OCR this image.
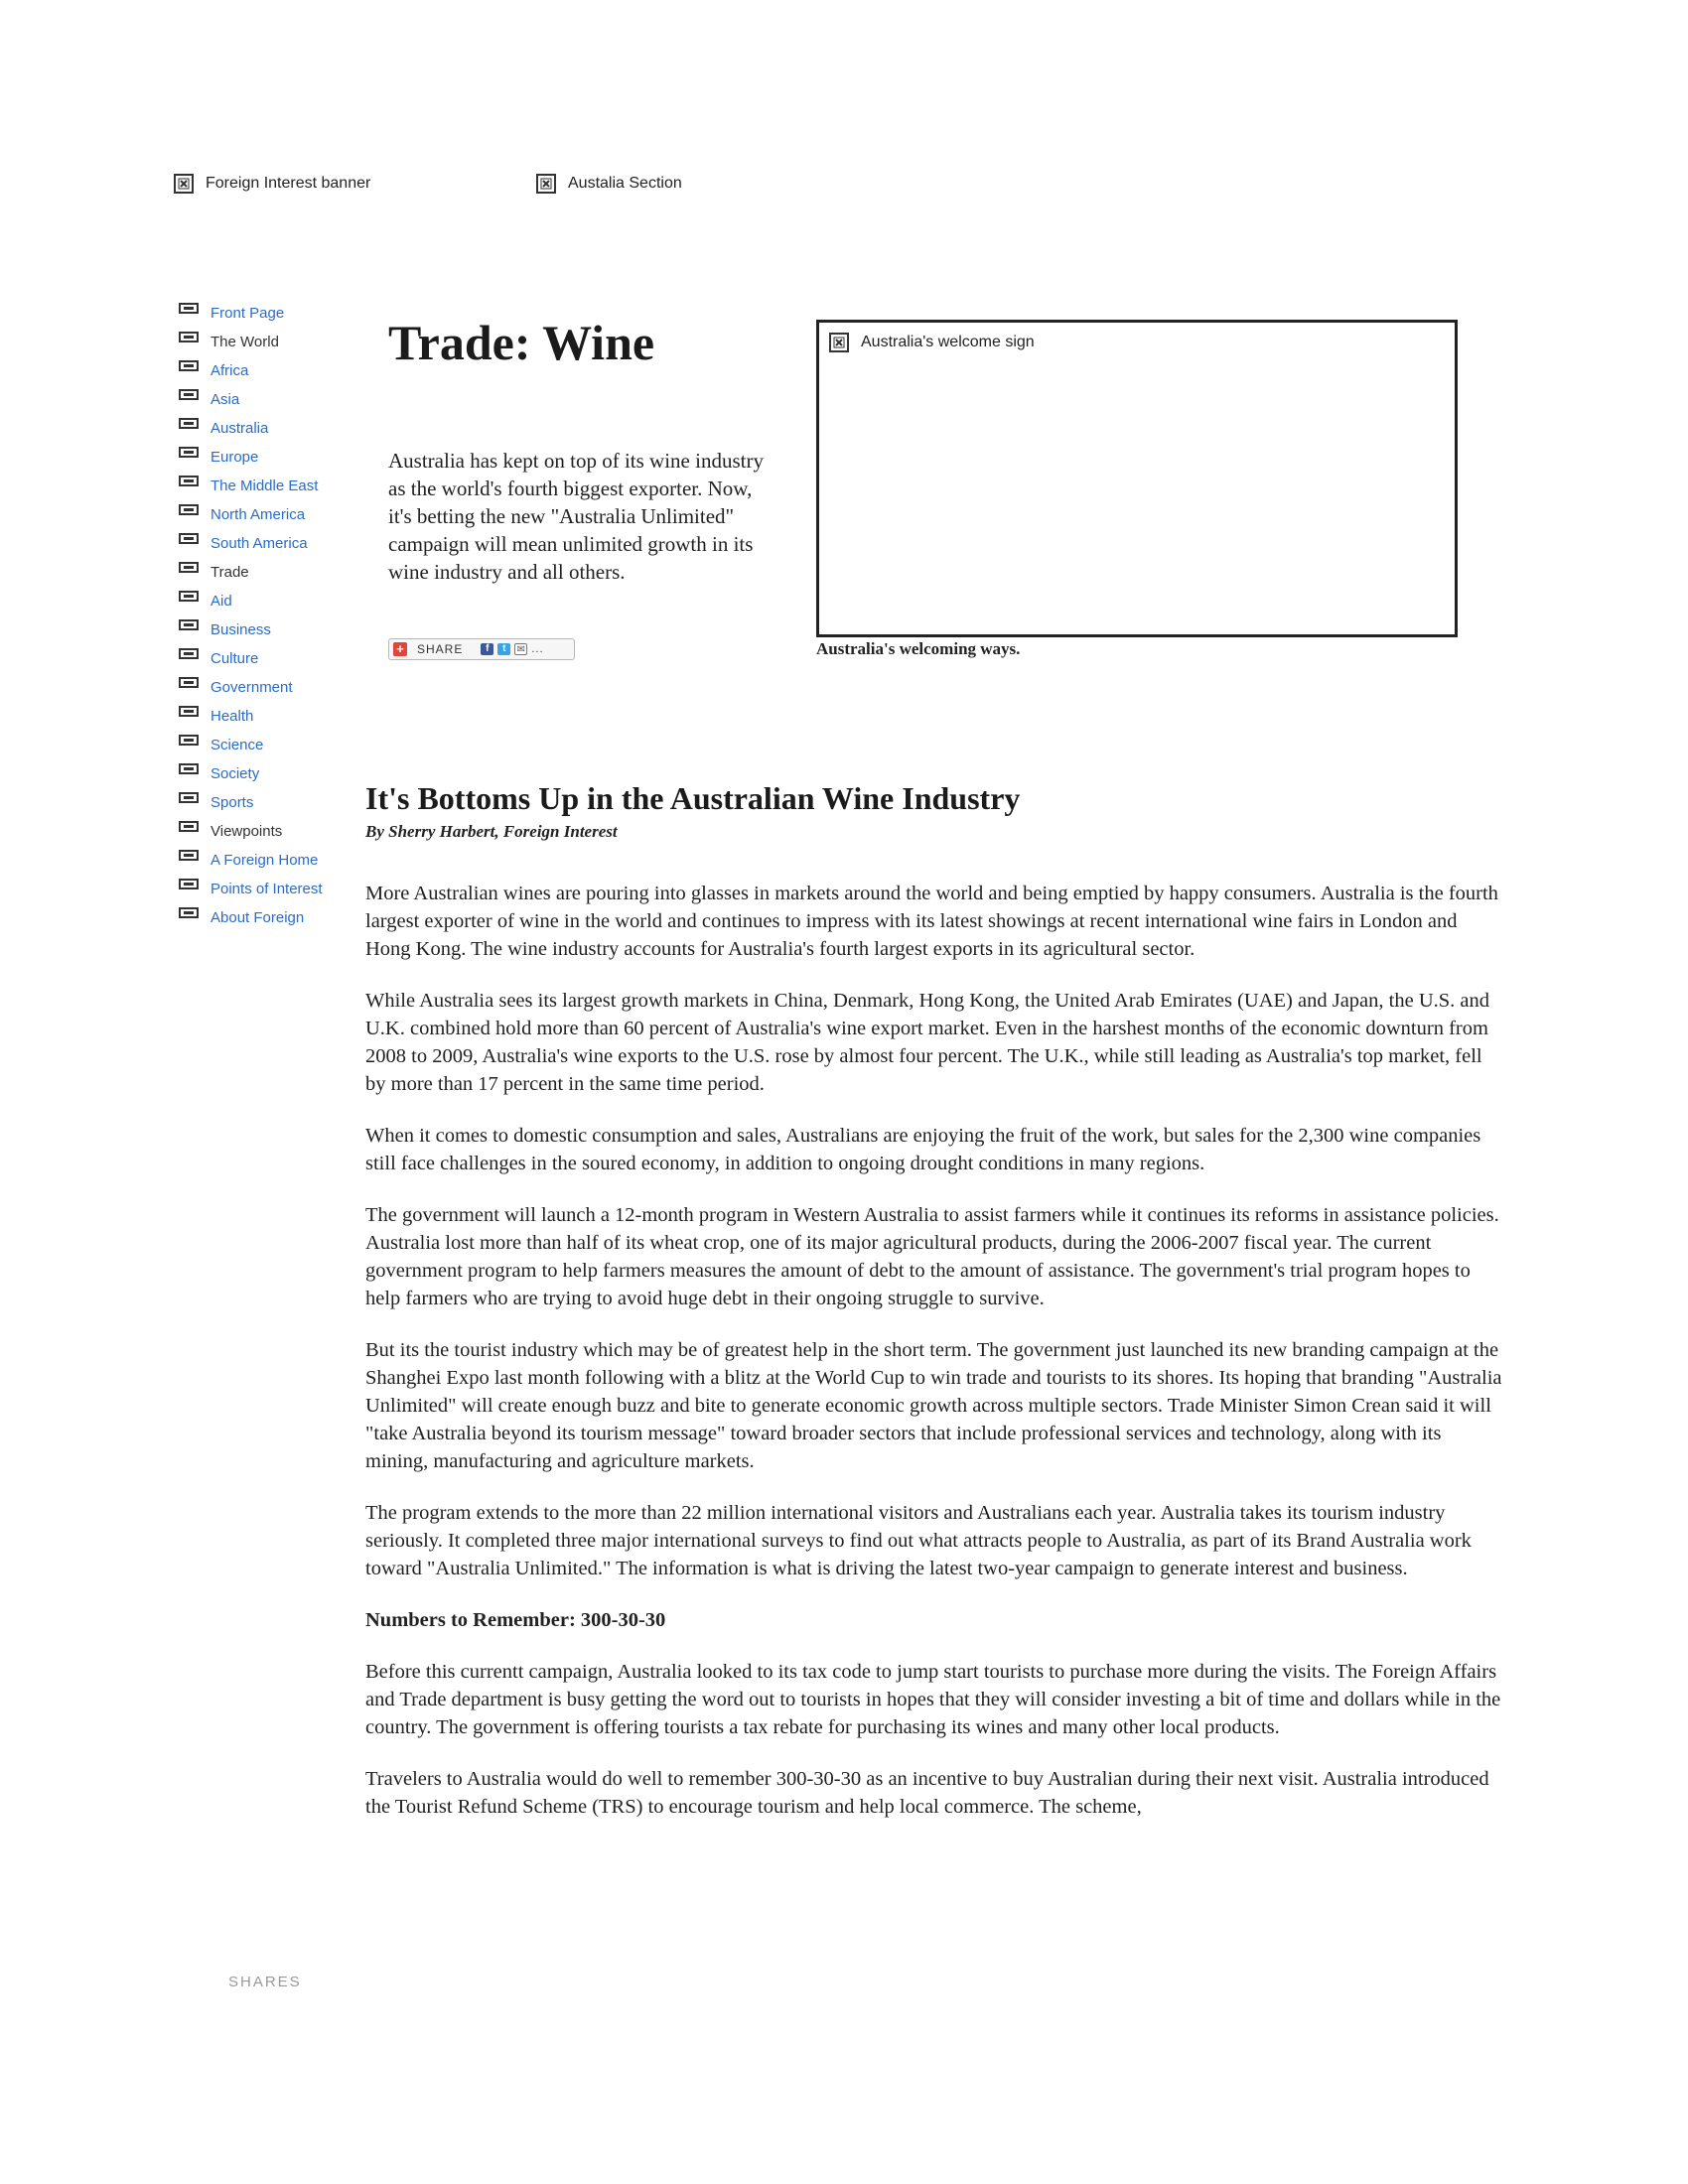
Foreign Interest banner	Austalia Section
Front Page
The World
Africa
Asia
Australia
Europe
The Middle East
North America
South America
Trade
Aid
Business
Culture
Government
Health
Science
Society
Sports
Viewpoints
A Foreign Home
Points of Interest
About Foreign
Trade: Wine

Australia has kept on top of its wine industry as the world's fourth biggest exporter. Now, it's betting the new "Australia Unlimited" campaign will mean unlimited growth in its wine industry and all others.

+ SHARE	f	t	✉ ...
Australia's welcome sign
Australia's welcoming ways.
It's Bottoms Up in the Australian Wine Industry
By Sherry Harbert, Foreign Interest

More Australian wines are pouring into glasses in markets around the world and being emptied by happy consumers. Australia is the fourth largest exporter of wine in the world and continues to impress with its latest showings at recent international wine fairs in London and Hong Kong. The wine industry accounts for Australia's fourth largest exports in its agricultural sector.

While Australia sees its largest growth markets in China, Denmark, Hong Kong, the United Arab Emirates (UAE) and Japan, the U.S. and U.K. combined hold more than 60 percent of Australia's wine export market. Even in the harshest months of the economic downturn from 2008 to 2009, Australia's wine exports to the U.S. rose by almost four percent. The U.K., while still leading as Australia's top market, fell by more than 17 percent in the same time period.

When it comes to domestic consumption and sales, Australians are enjoying the fruit of the work, but sales for the 2,300 wine companies still face challenges in the soured economy, in addition to ongoing drought conditions in many regions.

The government will launch a 12-month program in Western Australia to assist farmers while it continues its reforms in assistance policies. Australia lost more than half of its wheat crop, one of its major agricultural products, during the 2006-2007 fiscal year. The current government program to help farmers measures the amount of debt to the amount of assistance. The government's trial program hopes to help farmers who are trying to avoid huge debt in their ongoing struggle to survive.

But its the tourist industry which may be of greatest help in the short term. The government just launched its new branding campaign at the Shanghei Expo last month following with a blitz at the World Cup to win trade and tourists to its shores. Its hoping that branding "Australia Unlimited" will create enough buzz and bite to generate economic growth across multiple sectors. Trade Minister Simon Crean said it will "take Australia beyond its tourism message" toward broader sectors that include professional services and technology, along with its mining, manufacturing and agriculture markets.

The program extends to the more than 22 million international visitors and Australians each year. Australia takes its tourism industry seriously. It completed three major international surveys to find out what attracts people to Australia, as part of its Brand Australia work toward "Australia Unlimited." The information is what is driving the latest two-year campaign to generate interest and business.

Numbers to Remember: 300-30-30

Before this currentt campaign, Australia looked to its tax code to jump start tourists to purchase more during the visits. The Foreign Affairs and Trade department is busy getting the word out to tourists in hopes that they will consider investing a bit of time and dollars while in the country. The government is offering tourists a tax rebate for purchasing its wines and many other local products.

Travelers to Australia would do well to remember 300-30-30 as an incentive to buy Australian during their next visit. Australia introduced the Tourist Refund Scheme (TRS) to encourage tourism and help local commerce. The scheme,

SHARES
